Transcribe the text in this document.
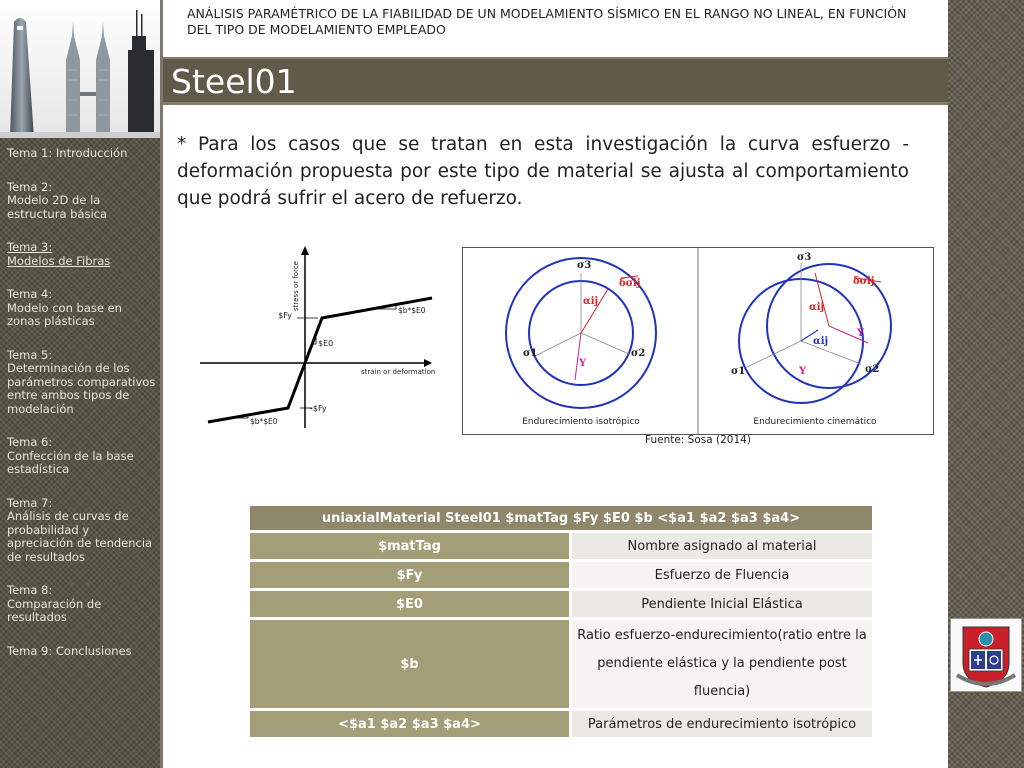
Tema 1: Introducción
Tema 2:
Modelo 2D de la estructura básica
Tema 3:
Modelos de Fibras
Tema 4:
Modelo con base en zonas plásticas
Tema 5:
Determinación de los parámetros comparativos entre ambos tipos de modelación
Tema 6:
Confección de la base estadística
Tema 7:
Análisis de curvas de probabilidad y apreciación de tendencia de resultados
Tema 8:
Comparación de resultados
Tema 9: Conclusiones
ANÁLISIS PARAMÉTRICO DE LA FIABILIDAD DE UN MODELAMIENTO SÍSMICO EN EL RANGO NO LINEAL, EN FUNCIÓN DEL TIPO DE MODELAMIENTO EMPLEADO
Steel01

* Para los casos que se tratan en esta investigación la curva esfuerzo - deformación propuesta por este tipo de material se ajusta al comportamiento que podrá sufrir el acero de refuerzo.

stress or force
strain or deformation
$Fy
-$Fy
$E0
$b*$E0
$b*$E0
σ3
σ1	σ2
δσij
αij
Y
Endurecimiento isotrópico
σ3
σ1	σ2
δσij
αij
αij
Y
Y
Endurecimiento cinemático
Fuente: Sosa (2014)
uniaxialMaterial Steel01 $matTag $Fy $E0 $b <$a1 $a2 $a3 $a4>	
$matTag	Nombre asignado al material
$Fy	Esfuerzo de Fluencia
$E0	Pendiente Inicial Elástica
$b	Ratio esfuerzo-endurecimiento(ratio entre la pendiente elástica y la pendiente post fluencia)
<$a1 $a2 $a3 $a4>	Parámetros de endurecimiento isotrópico
